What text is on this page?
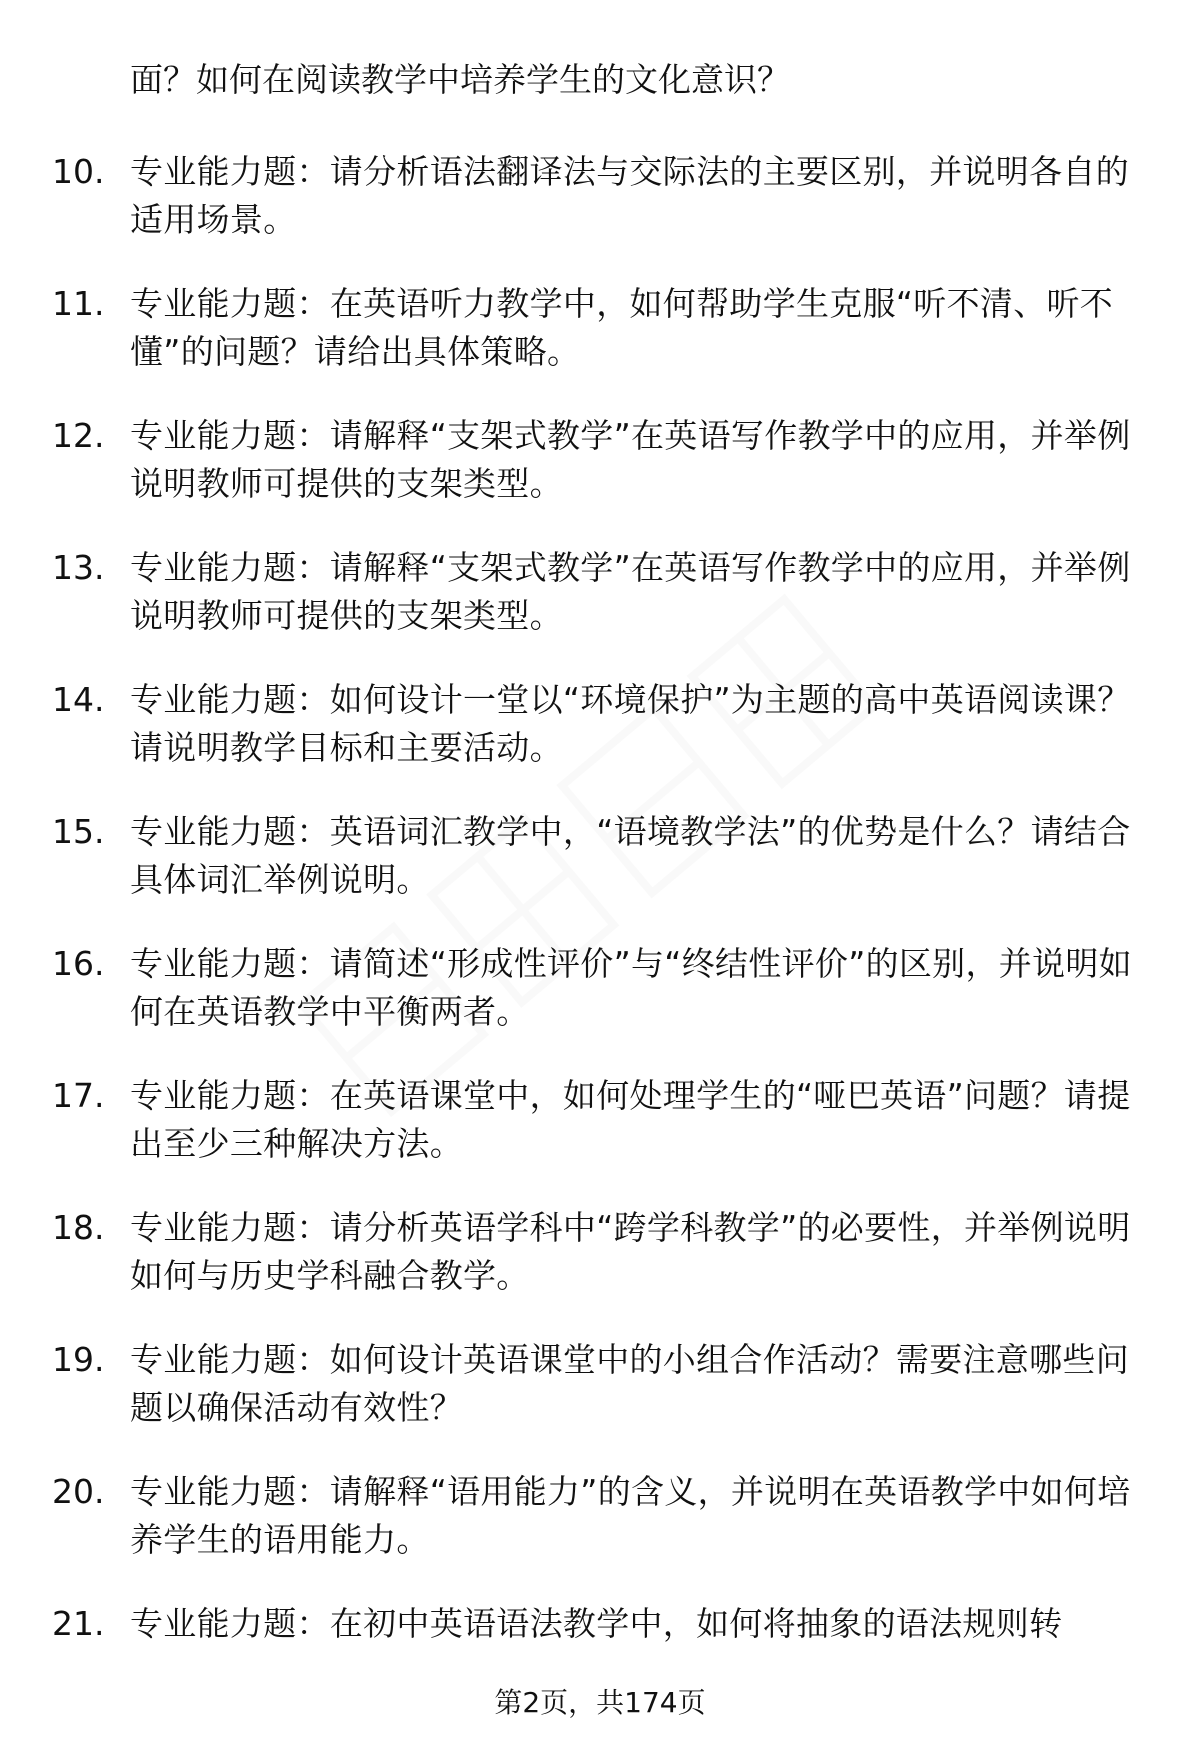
面？如何在阅读教学中培养学生的文化意识？
10. 专业能力题：请分析语法翻译法与交际法的主要区别，并说明各自的适用场景。
11. 专业能力题：在英语听力教学中，如何帮助学生克服“听不清、听不懂”的问题？请给出具体策略。
12. 专业能力题：请解释“支架式教学”在英语写作教学中的应用，并举例说明教师可提供的支架类型。
13. 专业能力题：请解释“支架式教学”在英语写作教学中的应用，并举例说明教师可提供的支架类型。
14. 专业能力题：如何设计一堂以“环境保护”为主题的高中英语阅读课？请说明教学目标和主要活动。
15. 专业能力题：英语词汇教学中，“语境教学法”的优势是什么？请结合具体词汇举例说明。
16. 专业能力题：请简述“形成性评价”与“终结性评价”的区别，并说明如何在英语教学中平衡两者。
17. 专业能力题：在英语课堂中，如何处理学生的“哑巴英语”问题？请提出至少三种解决方法。
18. 专业能力题：请分析英语学科中“跨学科教学”的必要性，并举例说明如何与历史学科融合教学。
19. 专业能力题：如何设计英语课堂中的小组合作活动？需要注意哪些问题以确保活动有效性？
20. 专业能力题：请解释“语用能力”的含义，并说明在英语教学中如何培养学生的语用能力。
21. 专业能力题：在初中英语语法教学中，如何将抽象的语法规则转
第2页，共174页
